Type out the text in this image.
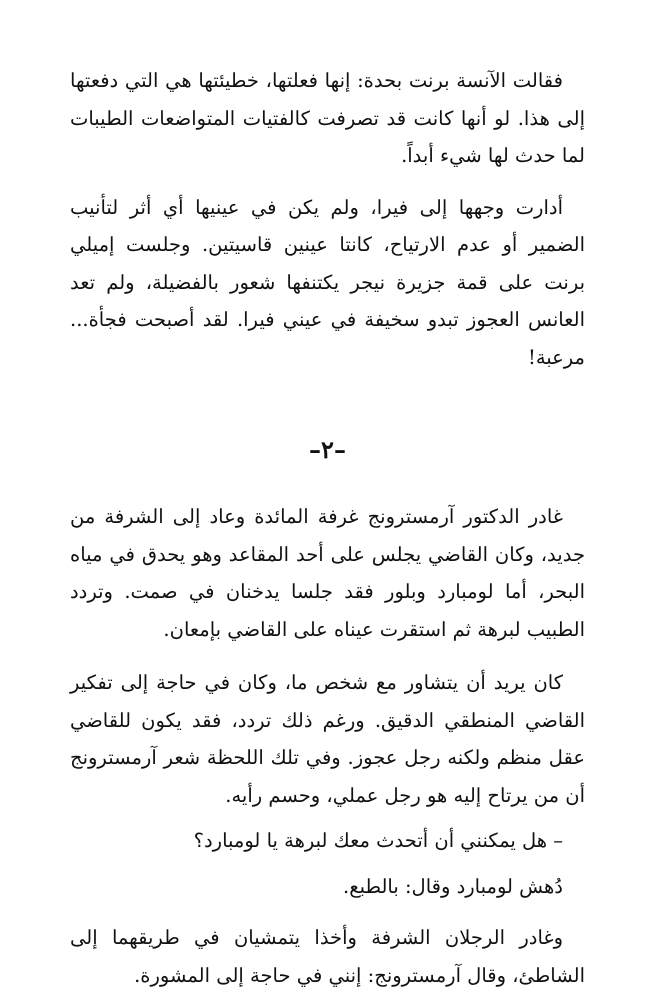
فقالت الآنسة برنت بحدة: إنها فعلتها، خطيئتها هي التي دفعتها إلى هذا. لو أنها كانت قد تصرفت كالفتيات المتواضعات الطيبات لما حدث لها شيء أبداً.

أدارت وجهها إلى فيرا، ولم يكن في عينيها أي أثر لتأنيب الضمير أو عدم الارتياح، كانتا عينين قاسيتين. وجلست إميلي برنت على قمة جزيرة نيجر يكتنفها شعور بالفضيلة، ولم تعد العانس العجوز تبدو سخيفة في عيني فيرا. لقد أصبحت فجأة... مرعبة!

–٢–

غادر الدكتور آرمسترونج غرفة المائدة وعاد إلى الشرفة من جديد، وكان القاضي يجلس على أحد المقاعد وهو يحدق في مياه البحر، أما لومبارد وبلور فقد جلسا يدخنان في صمت. وتردد الطبيب لبرهة ثم استقرت عيناه على القاضي بإمعان.

كان يريد أن يتشاور مع شخص ما، وكان في حاجة إلى تفكير القاضي المنطقي الدقيق. ورغم ذلك تردد، فقد يكون للقاضي عقل منظم ولكنه رجل عجوز. وفي تلك اللحظة شعر آرمسترونج أن من يرتاح إليه هو رجل عملي، وحسم رأيه.

– هل يمكنني أن أتحدث معك لبرهة يا لومبارد؟

دُهش لومبارد وقال: بالطبع.

وغادر الرجلان الشرفة وأخذا يتمشيان في طريقهما إلى الشاطئ، وقال آرمسترونج: إنني في حاجة إلى المشورة.
